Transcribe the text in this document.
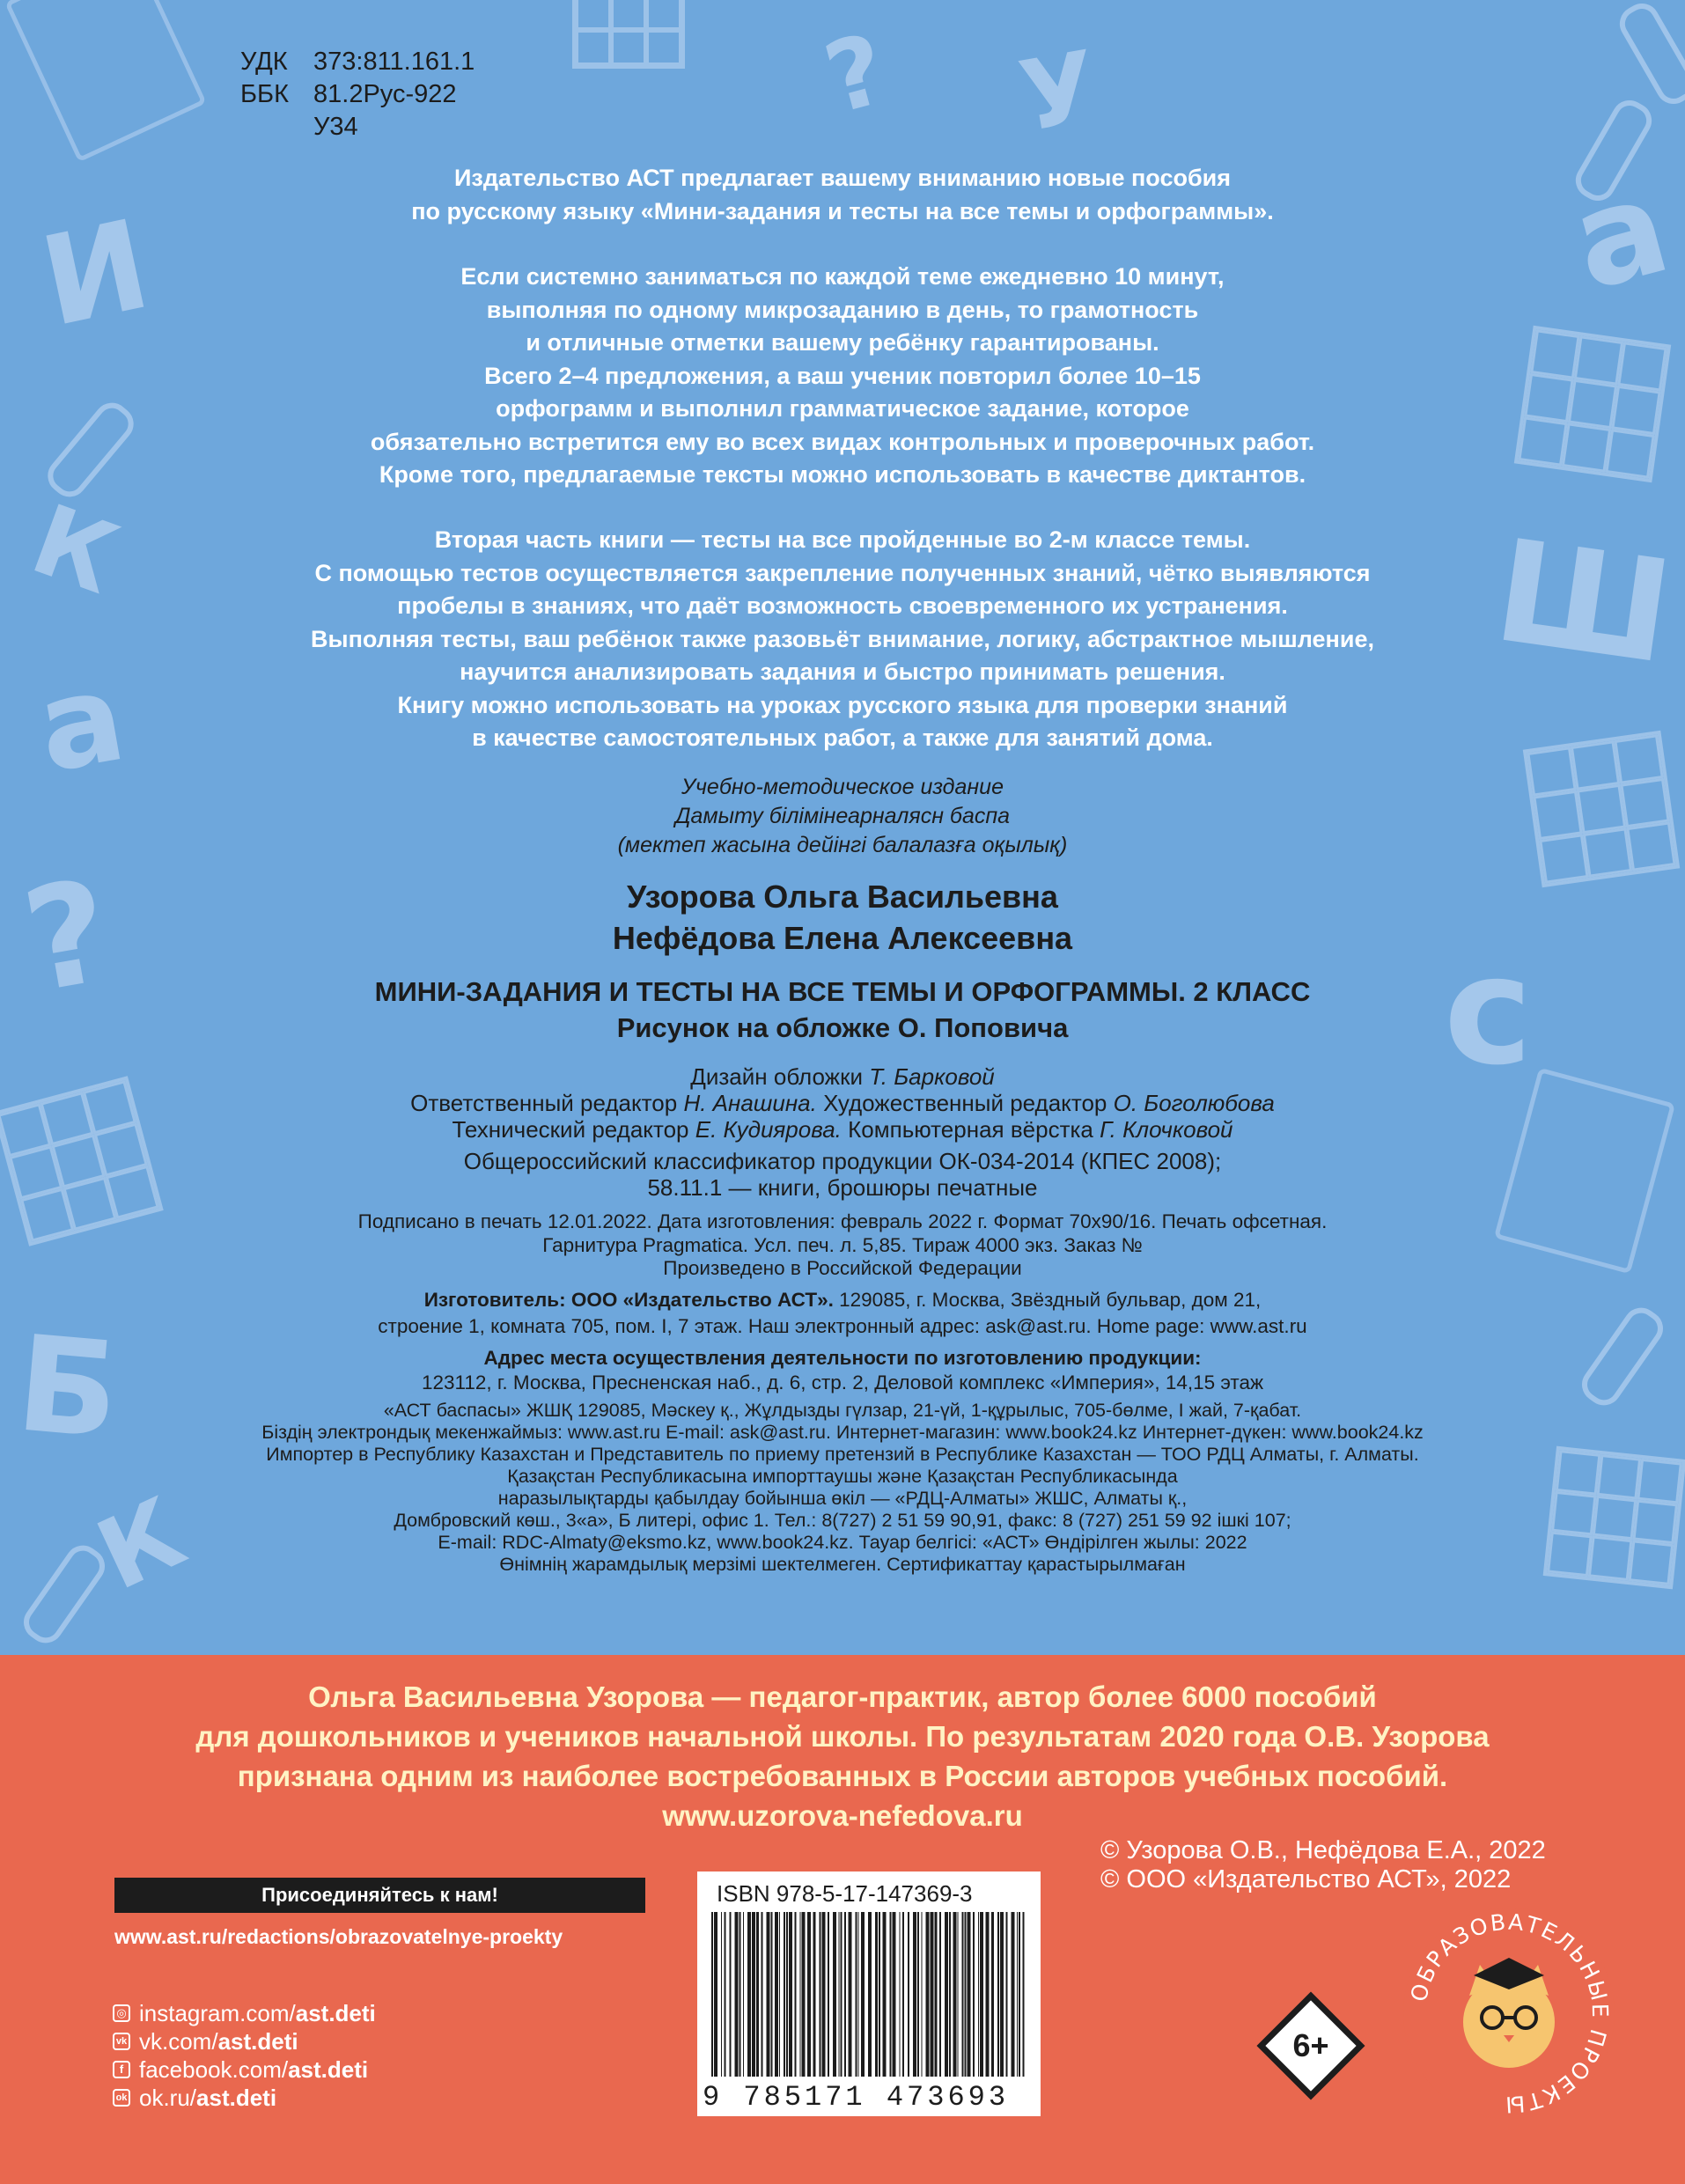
И
К
а
Б
К
Ш
У
?
?	с
а
УДК	373:811.161.1
ББК 81.2Рус-922
У34
Издательство АСТ предлагает вашему вниманию новые пособия
по русскому языку «Мини-задания и тесты на все темы и орфограммы».
Если системно заниматься по каждой теме ежедневно 10 минут,
выполняя по одному микрозаданию в день, то грамотность
и отличные отметки вашему ребёнку гарантированы.
Всего 2–4 предложения, а ваш ученик повторил более 10–15
орфограмм и выполнил грамматическое задание, которое
обязательно встретится ему во всех видах контрольных и проверочных работ.
Кроме того, предлагаемые тексты можно использовать в качестве диктантов.
Вторая часть книги — тесты на все пройденные во 2-м классе темы.
С помощью тестов осуществляется закрепление полученных знаний, чётко выявляются
пробелы в знаниях, что даёт возможность своевременного их устранения.
Выполняя тесты, ваш ребёнок также разовьёт внимание, логику, абстрактное мышление,
научится анализировать задания и быстро принимать решения.
Книгу можно использовать на уроках русского языка для проверки знаний
в качестве самостоятельных работ, а также для занятий дома.
Учебно-методическое издание
Дамыту білімінеарналясн баспа
(мектеп жасына дейінгі балалазға оқылық)
Узорова Ольга Васильевна
Нефёдова Елена Алексеевна
МИНИ-ЗАДАНИЯ И ТЕСТЫ НА ВСЕ ТЕМЫ И ОРФОГРАММЫ. 2 КЛАСС
Рисунок на обложке О. Поповича
Дизайн обложки Т. Барковой
Ответственный редактор Н. Анашина. Художественный редактор О. Боголюбова
Технический редактор Е. Кудиярова. Компьютерная вёрстка Г. Клочковой
Общероссийский классификатор продукции ОК-034-2014 (КПЕС 2008);
58.11.1 — книги, брошюры печатные
Подписано в печать 12.01.2022. Дата изготовления: февраль 2022 г. Формат 70х90/16. Печать офсетная.
Гарнитура Pragmatica. Усл. печ. л. 5,85. Тираж 4000 экз. Заказ №
Произведено в Российской Федерации
Изготовитель: ООО «Издательство АСТ». 129085, г. Москва, Звёздный бульвар, дом 21,
строение 1, комната 705, пом. I, 7 этаж. Наш электронный адрес: ask@ast.ru. Home page: www.ast.ru
Адрес места осуществления деятельности по изготовлению продукции:
123112, г. Москва, Пресненская наб., д. 6, стр. 2, Деловой комплекс «Империя», 14,15 этаж
«АСТ баспасы» ЖШҚ 129085, Мәскеу қ., Жұлдызды гүлзар, 21-үй, 1-құрылыс, 705-бөлме, I жай, 7-қабат.
Біздің электрондық мекенжаймыз: www.ast.ru E-mail: ask@ast.ru. Интернет-магазин: www.book24.kz Интернет-дүкен: www.book24.kz
Импортер в Республику Казахстан и Представитель по приему претензий в Республике Казахстан — ТОО РДЦ Алматы, г. Алматы.
Қазақстан Республикасына импорттаушы және Қазақстан Республикасында
наразылықтарды қабылдау бойынша өкіл — «РДЦ-Алматы» ЖШС, Алматы қ.,
Домбровский көш., 3«а», Б литері, офис 1. Тел.: 8(727) 2 51 59 90,91, факс: 8 (727) 251 59 92 ішкі 107;
E-mail: RDC-Almaty@eksmo.kz, www.book24.kz. Тауар белгісі: «АСТ» Өндірілген жылы: 2022
Өнімнің жарамдылық мерзімі шектелмеген. Сертификаттау қарастырылмаған
Ольга Васильевна Узорова — педагог-практик, автор более 6000 пособий
для дошкольников и учеников начальной школы. По результатам 2020 года О.В. Узорова
признана одним из наиболее востребованных в России авторов учебных пособий.
www.uzorova-nefedova.ru
© Узорова О.В., Нефёдова Е.А., 2022
© ООО «Издательство АСТ», 2022
Присоединяйтесь к нам!
www.ast.ru/redactions/obrazovatelnye-proekty
◎ instagram.com/ ast.deti
vk vk.com/ ast.deti
f facebook.com/ ast.deti
ok ok.ru/ ast.deti
ISBN 978-5-17-147369-3
9 785171 473693
6+
ОБРАЗОВАТЕЛЬНЫЕ ПРОЕКТЫ
